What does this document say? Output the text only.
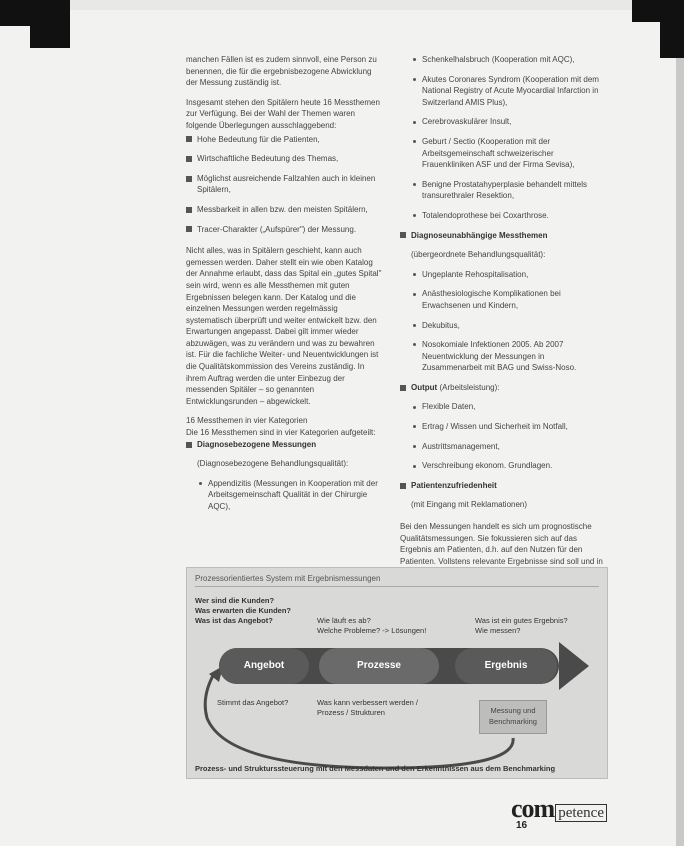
manchen Fällen ist es zudem sinnvoll, eine Person zu benennen, die für die ergebnisbezogene Abwicklung der Messung zuständig ist.

Insgesamt stehen den Spitälern heute 16 Messthemen zur Verfügung. Bei der Wahl der Themen waren folgende Überlegungen ausschlaggebend:

Hohe Bedeutung für die Patienten,

Wirtschaftliche Bedeutung des Themas,

Möglichst ausreichende Fallzahlen auch in kleinen Spitälern,

Messbarkeit in allen bzw. den meisten Spitälern,

Tracer-Charakter („Aufspürer") der Messung.

Nicht alles, was in Spitälern geschieht, kann auch gemessen werden. Daher stellt ein wie oben Katalog der Annahme erlaubt, dass das Spital ein „gutes Spital" sein wird, wenn es alle Messthemen mit guten Ergebnissen belegen kann. Der Katalog und die einzelnen Messungen werden regelmässig systematisch überprüft und weiter entwickelt bzw. den Erwartungen angepasst. Dabei gilt immer wieder abzuwägen, was zu verändern und was zu bewahren ist. Für die fachliche Weiter- und Neuentwicklungen ist die Qualitätskommission des Vereins zuständig. In ihrem Auftrag werden die unter Einbezug der messenden Spitäler – so genannten Entwicklungsrunden – abgewickelt.

16 Messthemen in vier Kategorien

Die 16 Messthemen sind in vier Kategorien aufgeteilt:

Diagnosebezogene Messungen

(Diagnosebezogene Behandlungsqualität):

Appendizitis (Messungen in Kooperation mit der Arbeitsgemeinschaft Qualität in der Chirurgie AQC),

Schenkelhalsbruch (Kooperation mit AQC),

Akutes Coronares Syndrom (Kooperation mit dem National Registry of Acute Myocardial Infarction in Switzerland AMIS Plus),

Cerebrovaskulärer Insult,

Geburt / Sectio (Kooperation mit der Arbeitsgemeinschaft schweizerischer Frauenkliniken ASF und der Firma Sevisa),

Benigne Prostatahyperplasie behandelt mittels transurethraler Resektion,

Totalendoprothese bei Coxarthrose.

Diagnoseunabhängige Messthemen

(übergeordnete Behandlungsqualität):

Ungeplante Rehospitalisation,

Anästhesiologische Komplikationen bei Erwachsenen und Kindern,

Dekubitus,

Nosokomiale Infektionen 2005. Ab 2007 Neuentwicklung der Messungen in Zusammenarbeit mit BAG und Swiss-Noso.

Output (Arbeitsleistung):

Flexible Daten,

Ertrag / Wissen und Sicherheit im Notfall,

Austrittsmanagement,

Verschreibung ekonom. Grundlagen.

Patientenzufriedenheit

(mit Eingang mit Reklamationen)

Bei den Messungen handelt es sich um prognostische Qualitätsmessungen. Sie fokussieren sich auf das Ergebnis am Patienten, d.h. auf den Nutzen für den Patienten. Vollstens relevante Ergebnisse sind soll und in

Prozessorientiertes System mit Ergebnismessungen
Wer sind die Kunden?
Was erwarten die Kunden?
Was ist das Angebot?	Wie läuft es ab?
Welche Probleme? -> Lösungen!
Was ist ein gutes Ergebnis?
Wie messen?
Angebot	Prozesse	Ergebnis
Stimmt das Angebot?	Was kann verbessert werden /
Prozess / Strukturen	Messung und
Benchmarking
Prozess- und Strukturssteuerung mit den Messdaten und den Erkenntnissen aus dem Benchmarking
com petence
16
